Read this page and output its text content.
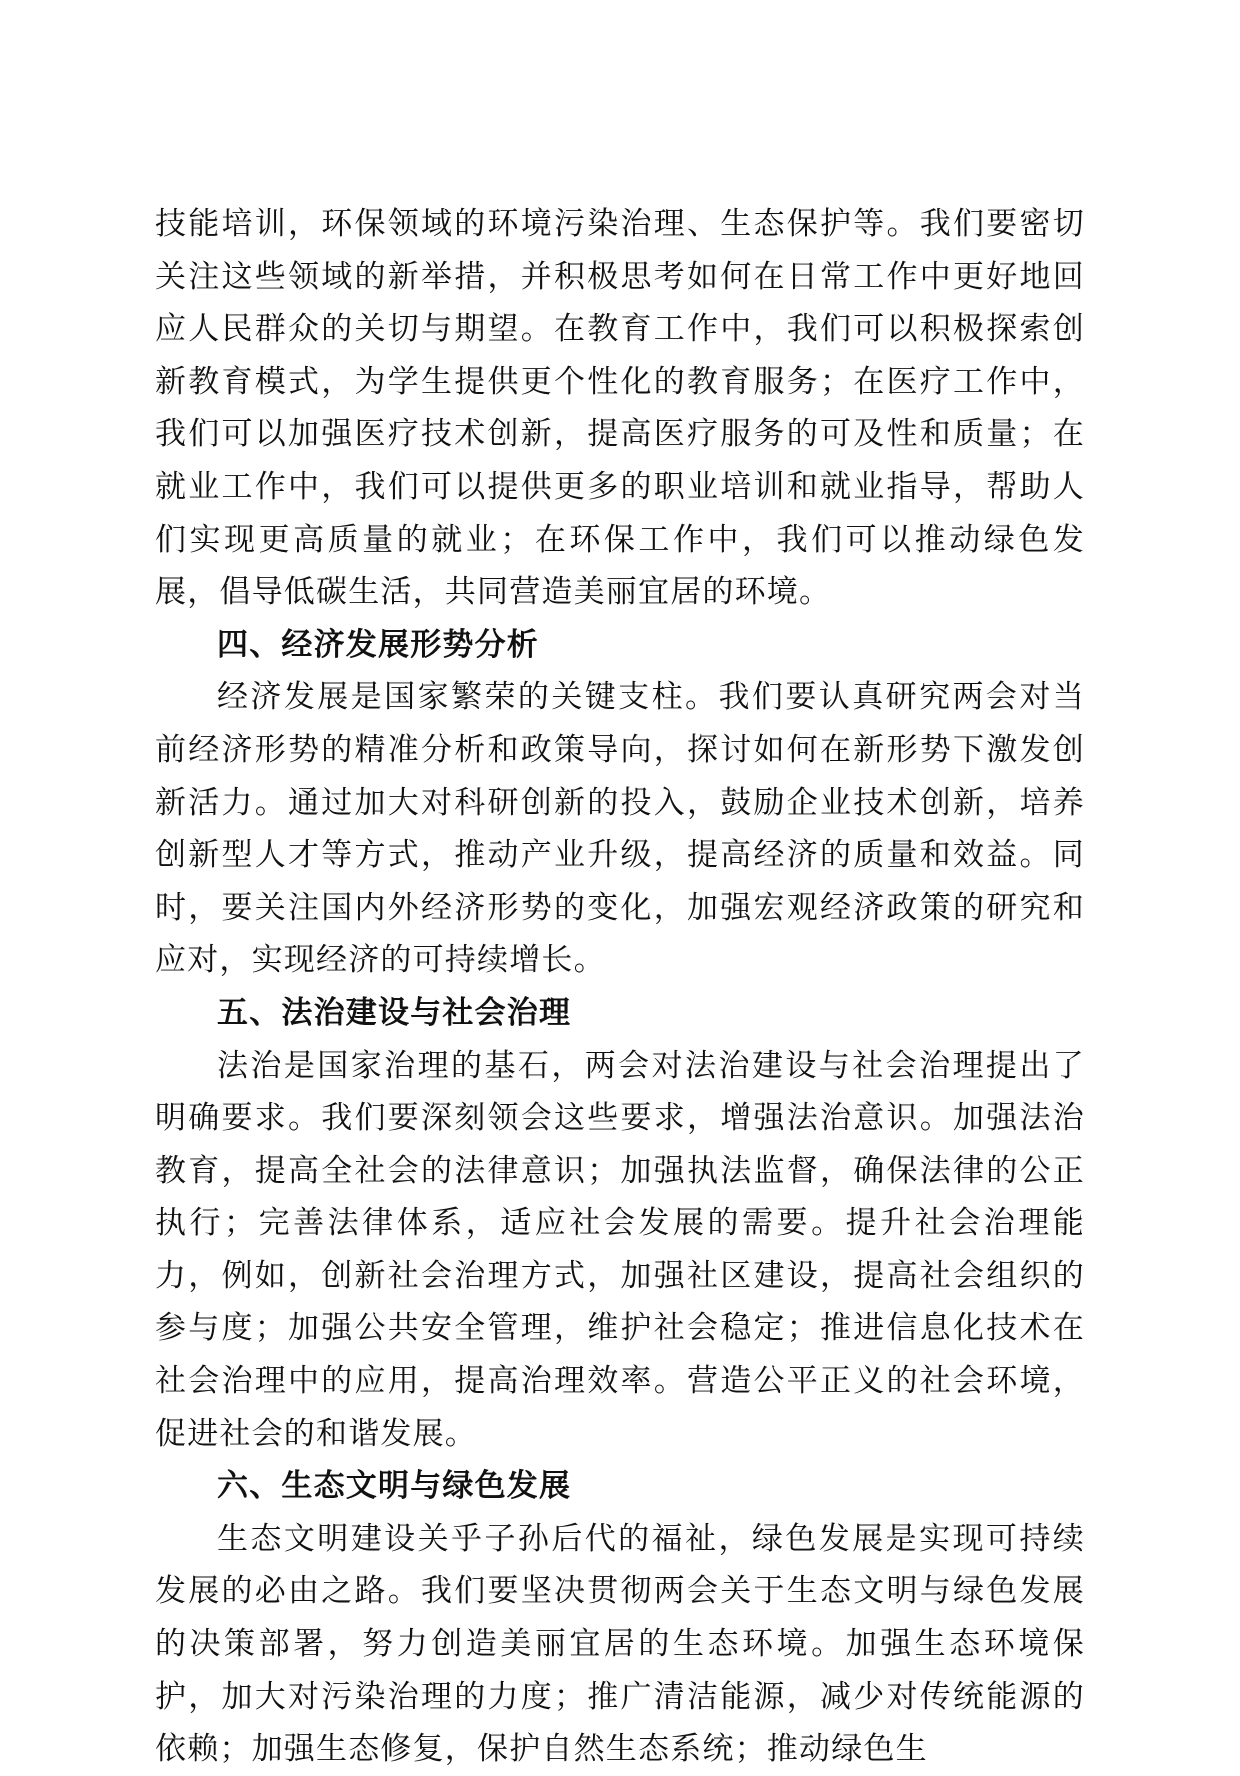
技能培训，环保领域的环境污染治理、生态保护等。我们要密切关注这些领域的新举措，并积极思考如何在日常工作中更好地回应人民群众的关切与期望。在教育工作中，我们可以积极探索创新教育模式，为学生提供更个性化的教育服务；在医疗工作中，我们可以加强医疗技术创新，提高医疗服务的可及性和质量；在就业工作中，我们可以提供更多的职业培训和就业指导，帮助人们实现更高质量的就业；在环保工作中，我们可以推动绿色发展，倡导低碳生活，共同营造美丽宜居的环境。

四、经济发展形势分析

经济发展是国家繁荣的关键支柱。我们要认真研究两会对当前经济形势的精准分析和政策导向，探讨如何在新形势下激发创新活力。通过加大对科研创新的投入，鼓励企业技术创新，培养创新型人才等方式，推动产业升级，提高经济的质量和效益。同时，要关注国内外经济形势的变化，加强宏观经济政策的研究和应对，实现经济的可持续增长。

五、法治建设与社会治理

法治是国家治理的基石，两会对法治建设与社会治理提出了明确要求。我们要深刻领会这些要求，增强法治意识。加强法治教育，提高全社会的法律意识；加强执法监督，确保法律的公正执行；完善法律体系，适应社会发展的需要。提升社会治理能力，例如，创新社会治理方式，加强社区建设，提高社会组织的参与度；加强公共安全管理，维护社会稳定；推进信息化技术在社会治理中的应用，提高治理效率。营造公平正义的社会环境，促进社会的和谐发展。

六、生态文明与绿色发展

生态文明建设关乎子孙后代的福祉，绿色发展是实现可持续发展的必由之路。我们要坚决贯彻两会关于生态文明与绿色发展的决策部署，努力创造美丽宜居的生态环境。加强生态环境保护，加大对污染治理的力度；推广清洁能源，减少对传统能源的依赖；加强生态修复，保护自然生态系统；推动绿色生
